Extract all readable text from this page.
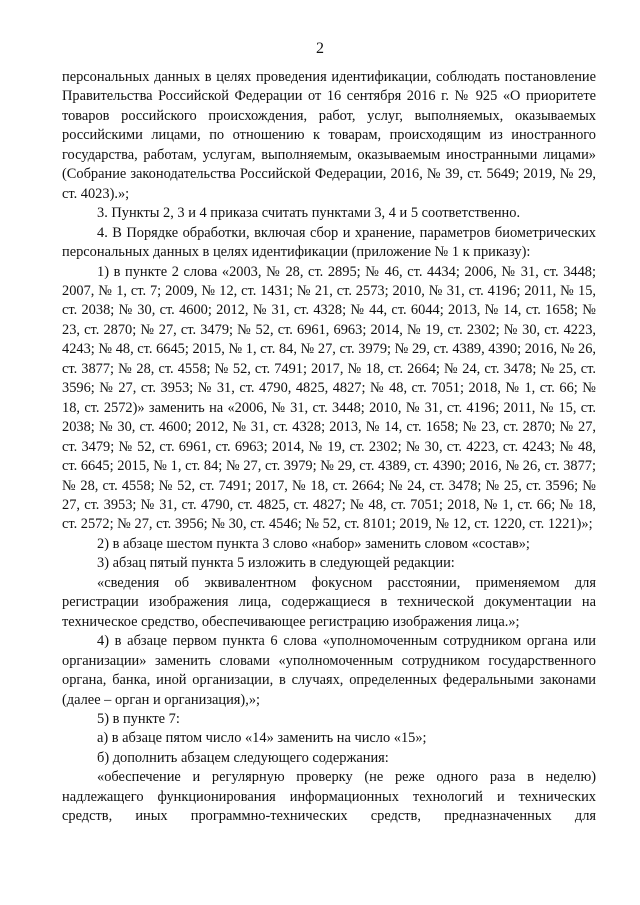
2

персональных данных в целях проведения идентификации, соблюдать постановление Правительства Российской Федерации от 16 сентября 2016 г. № 925 «О приоритете товаров российского происхождения, работ, услуг, выполняемых, оказываемых российскими лицами, по отношению к товарам, происходящим из иностранного государства, работам, услугам, выполняемым, оказываемым иностранными лицами» (Собрание законодательства Российской Федерации, 2016, № 39, ст. 5649; 2019, № 29, ст. 4023).»;

3. Пункты 2, 3 и 4 приказа считать пунктами 3, 4 и 5 соответственно.

4. В Порядке обработки, включая сбор и хранение, параметров биометрических персональных данных в целях идентификации (приложение № 1 к приказу):

1) в пункте 2 слова «2003, № 28, ст. 2895; № 46, ст. 4434; 2006, № 31, ст. 3448; 2007, № 1, ст. 7; 2009, № 12, ст. 1431; № 21, ст. 2573; 2010, № 31, ст. 4196; 2011, № 15, ст. 2038; № 30, ст. 4600; 2012, № 31, ст. 4328; № 44, ст. 6044; 2013, № 14, ст. 1658; № 23, ст. 2870; № 27, ст. 3479; № 52, ст. 6961, 6963; 2014, № 19, ст. 2302; № 30, ст. 4223, 4243; № 48, ст. 6645; 2015, № 1, ст. 84, № 27, ст. 3979; № 29, ст. 4389, 4390; 2016, № 26, ст. 3877; № 28, ст. 4558; № 52, ст. 7491; 2017, № 18, ст. 2664; № 24, ст. 3478; № 25, ст. 3596; № 27, ст. 3953; № 31, ст. 4790, 4825, 4827; № 48, ст. 7051; 2018, № 1, ст. 66; № 18, ст. 2572)» заменить на «2006, № 31, ст. 3448; 2010, № 31, ст. 4196; 2011, № 15, ст. 2038; № 30, ст. 4600; 2012, № 31, ст. 4328; 2013, № 14, ст. 1658; № 23, ст. 2870; № 27, ст. 3479; № 52, ст. 6961, ст. 6963; 2014, № 19, ст. 2302; № 30, ст. 4223, ст. 4243; № 48, ст. 6645; 2015, № 1, ст. 84; № 27, ст. 3979; № 29, ст. 4389, ст. 4390; 2016, № 26, ст. 3877; № 28, ст. 4558; № 52, ст. 7491; 2017, № 18, ст. 2664; № 24, ст. 3478; № 25, ст. 3596; № 27, ст. 3953; № 31, ст. 4790, ст. 4825, ст. 4827; № 48, ст. 7051; 2018, № 1, ст. 66; № 18, ст. 2572; № 27, ст. 3956; № 30, ст. 4546; № 52, ст. 8101; 2019, № 12, ст. 1220, ст. 1221)»;

2) в абзаце шестом пункта 3 слово «набор» заменить словом «состав»;

3) абзац пятый пункта 5 изложить в следующей редакции:

«сведения об эквивалентном фокусном расстоянии, применяемом для регистрации изображения лица, содержащиеся в технической документации на техническое средство, обеспечивающее регистрацию изображения лица.»;

4) в абзаце первом пункта 6 слова «уполномоченным сотрудником органа или организации» заменить словами «уполномоченным сотрудником государственного органа, банка, иной организации, в случаях, определенных федеральными законами (далее – орган и организация),»;

5) в пункте 7:

а) в абзаце пятом число «14» заменить на число «15»;

б) дополнить абзацем следующего содержания:

«обеспечение и регулярную проверку (не реже одного раза в неделю) надлежащего функционирования информационных технологий и технических средств, иных программно-технических средств, предназначенных для
